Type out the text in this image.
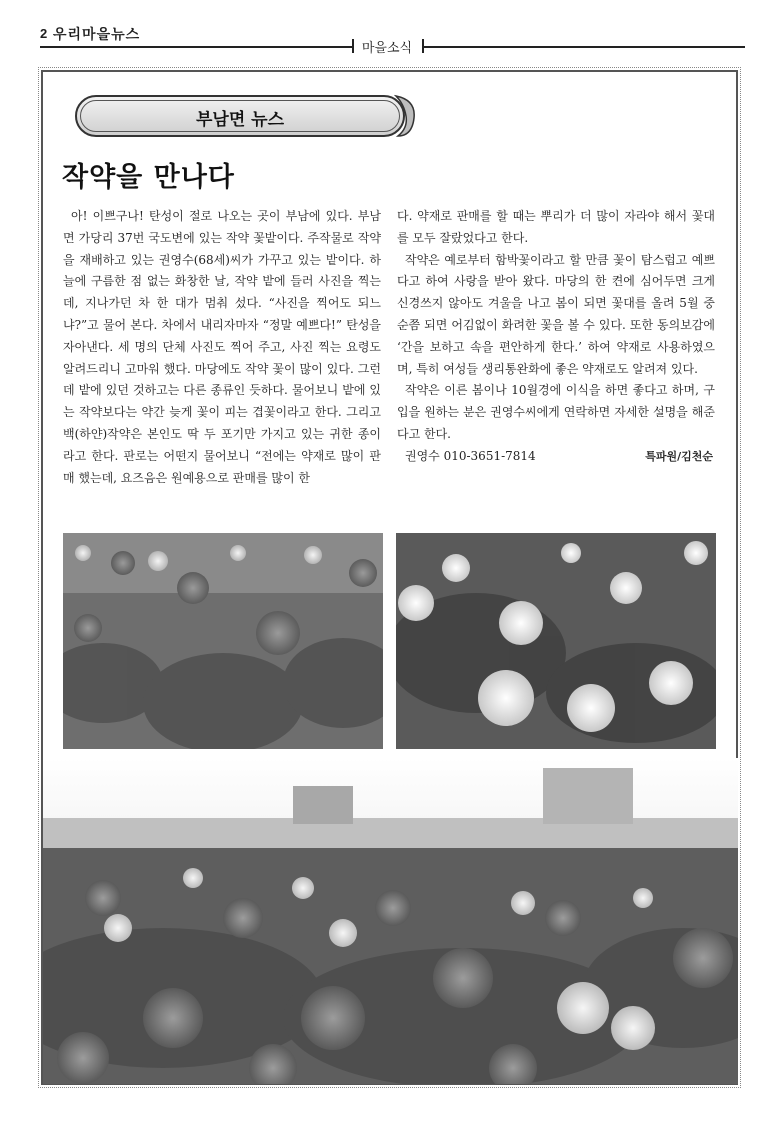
2 우리마을뉴스
마을소식
부남면 뉴스
작약을 만나다

아! 이쁘구나! 탄성이 절로 나오는 곳이 부남에 있다. 부남면 가당리 37번 국도변에 있는 작약 꽃밭이다. 주작물로 작약을 재배하고 있는 권영수(68세)씨가 가꾸고 있는 밭이다. 하늘에 구름한 점 없는 화창한 날, 작약 밭에 들러 사진을 찍는데, 지나가던 차 한 대가 멈춰 섰다. “사진을 찍어도 되느냐?”고 물어 본다. 차에서 내리자마자 “정말 예쁘다!” 탄성을 자아낸다. 세 명의 단체 사진도 찍어 주고, 사진 찍는 요령도 알려드리니 고마워 했다. 마당에도 작약 꽃이 많이 있다. 그런데 밭에 있던 것하고는 다른 종류인 듯하다. 물어보니 밭에 있는 작약보다는 약간 늦게 꽃이 피는 겹꽃이라고 한다. 그리고 백(하얀)작약은 본인도 딱 두 포기만 가지고 있는 귀한 종이라고 한다. 판로는 어떤지 물어보니 “전에는 약재로 많이 판매 했는데, 요즈음은 원예용으로 판매를 많이 한

다. 약재로 판매를 할 때는 뿌리가 더 많이 자라야 해서 꽃대를 모두 잘랐었다고 한다.

작약은 예로부터 함박꽃이라고 할 만큼 꽃이 탐스럽고 예쁘다고 하여 사랑을 받아 왔다. 마당의 한 켠에 심어두면 크게 신경쓰지 않아도 겨울을 나고 봄이 되면 꽃대를 올려 5월 중순쯤 되면 어김없이 화려한 꽃을 볼 수 있다. 또한 동의보감에 ‘간을 보하고 속을 편안하게 한다.’ 하여 약재로 사용하였으며, 특히 여성들 생리통완화에 좋은 약재로도 알려져 있다.

작약은 이른 봄이나 10월경에 이식을 하면 좋다고 하며, 구입을 원하는 분은 권영수씨에게 연락하면 자세한 설명을 해준다고 한다.

권영수 010-3651-7814	특파원/김천순
